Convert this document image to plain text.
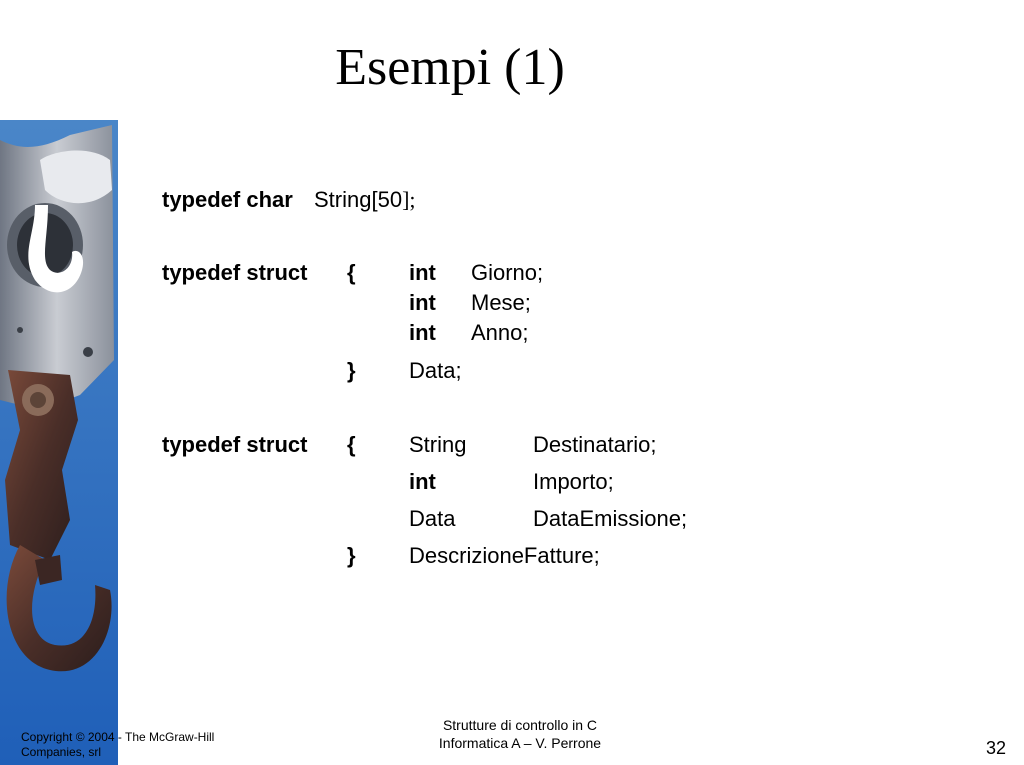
Esempi (1)
typedef char String[50];
typedef struct { int Giorno;
int Mese;
int Anno;
} Data;
typedef struct { String	Destinatario;
int	Importo;
Data	DataEmissione;
} DescrizioneFatture;
Copyright © 2004 - The McGraw-Hill
Companies, srl
Strutture di controllo in C
Informatica A – V. Perrone	32
